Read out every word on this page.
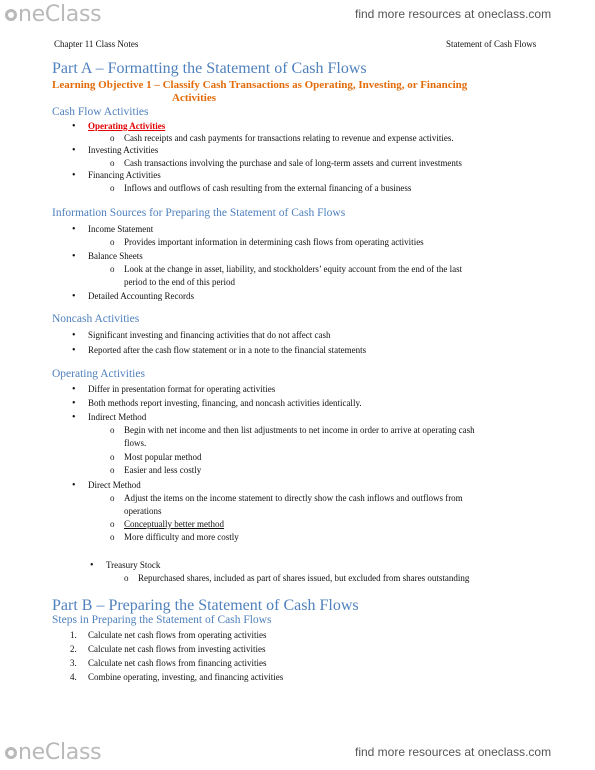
ne Class	find more resources at oneclass.com
Chapter 11 Class Notes	Statement of Cash Flows
Part A – Formatting the Statement of Cash Flows
Learning Objective 1 – Classify Cash Transactions as Operating, Investing, or Financing
Activities
Cash Flow Activities
• Operating Activities
o Cash receipts and cash payments for transactions relating to revenue and expense activities.
• Investing Activities
o Cash transactions involving the purchase and sale of long-term assets and current investments
• Financing Activities
o Inflows and outflows of cash resulting from the external financing of a business
Information Sources for Preparing the Statement of Cash Flows
• Income Statement
o Provides important information in determining cash flows from operating activities
• Balance Sheets
o Look at the change in asset, liability, and stockholders’ equity account from the end of the last
period to the end of this period
• Detailed Accounting Records
Noncash Activities
• Significant investing and financing activities that do not affect cash
• Reported after the cash flow statement or in a note to the financial statements
Operating Activities
• Differ in presentation format for operating activities
• Both methods report investing, financing, and noncash activities identically.
• Indirect Method
o Begin with net income and then list adjustments to net income in order to arrive at operating cash
flows.
o Most popular method
o Easier and less costly
• Direct Method
o Adjust the items on the income statement to directly show the cash inflows and outflows from
operations
o Conceptually better method
o More difficulty and more costly
• Treasury Stock
o Repurchased shares, included as part of shares issued, but excluded from shares outstanding
Part B – Preparing the Statement of Cash Flows
Steps in Preparing the Statement of Cash Flows
1. Calculate net cash flows from operating activities
2. Calculate net cash flows from investing activities
3. Calculate net cash flows from financing activities
4. Combine operating, investing, and financing activities
ne Class	find more resources at oneclass.com
